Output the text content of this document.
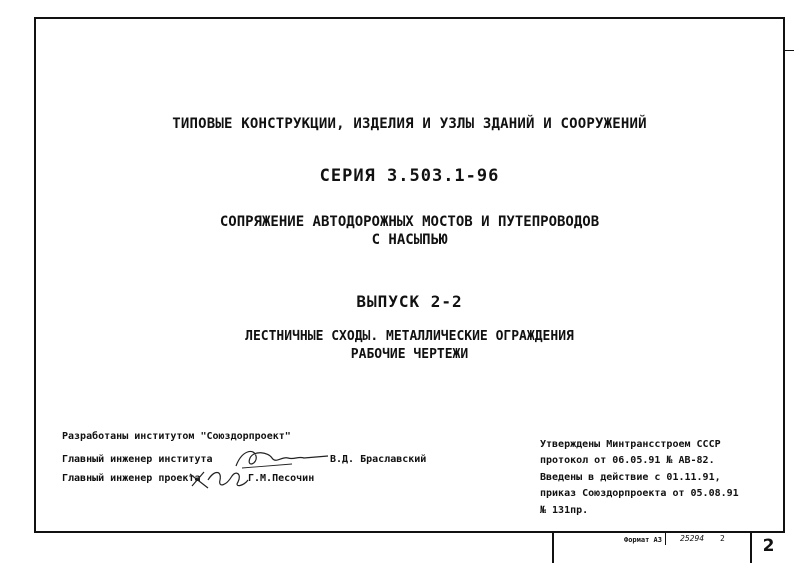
ТИПОВЫЕ КОНСТРУКЦИИ, ИЗДЕЛИЯ И УЗЛЫ ЗДАНИЙ И СООРУЖЕНИЙ
СЕРИЯ 3.503.1-96
СОПРЯЖЕНИЕ АВТОДОРОЖНЫХ МОСТОВ И ПУТЕПРОВОДОВ
С НАСЫПЬЮ
ВЫПУСК 2-2
ЛЕСТНИЧНЫЕ СХОДЫ. МЕТАЛЛИЧЕСКИЕ ОГРАЖДЕНИЯ
РАБОЧИЕ ЧЕРТЕЖИ
Разработаны институтом "Союздорпроект"
Главный инженер института	В.Д. Браславский
Главный инженер проекта	Г.М.Песочин
Утверждены Минтрансстроем СССР
протокол от 06.05.91 № АВ-82.
Введены в действие с 01.11.91,
приказ Союздорпроекта от 05.08.91
№ 131пр.
Формат А3 25294 2	2
